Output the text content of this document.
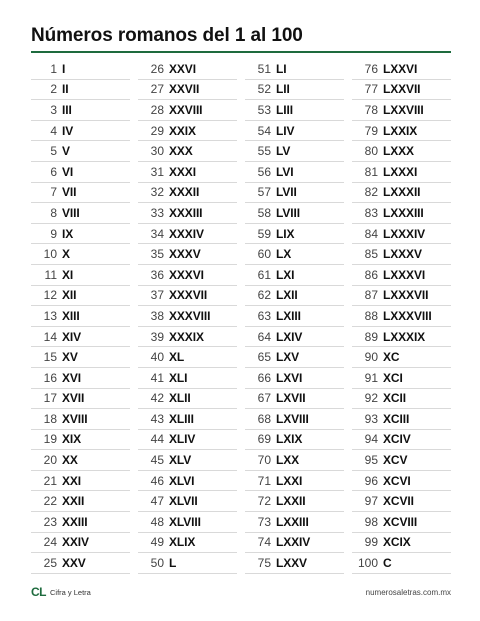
Números romanos del 1 al 100
1 I
2 II
3 III
4 IV
5 V
6 VI
7 VII
8 VIII
9 IX
10 X
11 XI
12 XII
13 XIII
14 XIV
15 XV
16 XVI
17 XVII
18 XVIII
19 XIX
20 XX
21 XXI
22 XXII
23 XXIII
24 XXIV
25 XXV
26 XXVI
27 XXVII
28 XXVIII
29 XXIX
30 XXX
31 XXXI
32 XXXII
33 XXXIII
34 XXXIV
35 XXXV
36 XXXVI
37 XXXVII
38 XXXVIII
39 XXXIX
40 XL
41 XLI
42 XLII
43 XLIII
44 XLIV
45 XLV
46 XLVI
47 XLVII
48 XLVIII
49 XLIX
50 L
51 LI
52 LII
53 LIII
54 LIV
55 LV
56 LVI
57 LVII
58 LVIII
59 LIX
60 LX
61 LXI
62 LXII
63 LXIII
64 LXIV
65 LXV
66 LXVI
67 LXVII
68 LXVIII
69 LXIX
70 LXX
71 LXXI
72 LXXII
73 LXXIII
74 LXXIV
75 LXXV
76 LXXVI
77 LXXVII
78 LXXVIII
79 LXXIX
80 LXXX
81 LXXXI
82 LXXXII
83 LXXXIII
84 LXXXIV
85 LXXXV
86 LXXXVI
87 LXXXVII
88 LXXXVIII
89 LXXXIX
90 XC
91 XCI
92 XCII
93 XCIII
94 XCIV
95 XCV
96 XCVI
97 XCVII
98 XCVIII
99 XCIX
100 C
CL Cifra y Letra	numerosaletras.com.mx
